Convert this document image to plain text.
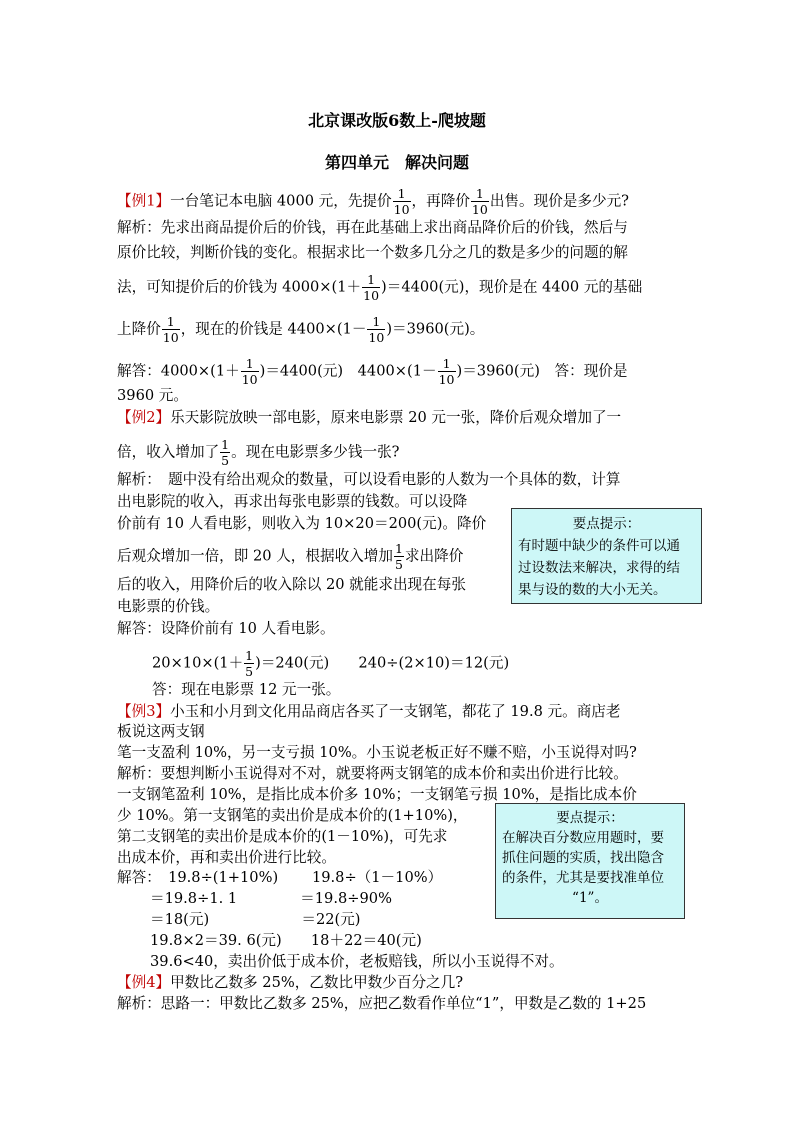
北京课改版6数上-爬坡题
第四单元　解决问题
【例1】一台笔记本电脑 4000 元，先提价 $\frac{1}{10}$ ，再降价 $\frac{1}{10}$ 出售。现价是多少元?
解析：先求出商品提价后的价钱，再在此基础上求出商品降价后的价钱，然后与
原价比较，判断价钱的变化。根据求比一个数多几分之几的数是多少的问题的解
法，可知提价后的价钱为 $4000\times(1+ \frac{1}{10} )=4400$(元)，现价是在 4400 元的基础
上降价 $\frac{1}{10}$ ，现在的价钱是 $4400\times(1- \frac{1}{10} )=3960$(元)。
解答：$4000\times(1+ \frac{1}{10} )=4400$(元)　$4400\times(1- \frac{1}{10} )=3960$(元)　答：现价是
3960 元。
【例2】乐天影院放映一部电影，原来电影票 20 元一张，降价后观众增加了一
倍，收入增加了 $\frac{1}{5}$ 。现在电影票多少钱一张?
解析：　题中没有给出观众的数量，可以设看电影的人数为一个具体的数，计算
出电影院的收入，再求出每张电影票的钱数。可以设降
价前有 10 人看电影，则收入为 10×20＝200(元)。降价
后观众增加一倍，即 20 人，根据收入增加 $\frac{1}{5}$ 求出降价
后的收入，用降价后的收入除以 20 就能求出现在每张
电影票的价钱。
解答：设降价前有 10 人看电影。
$20\times 10\times(1+ \frac{1}{5} )=240$(元)　　240÷(2×10)＝12(元)
答：现在电影票 12 元一张。
要点提示：
有时题中缺少的条件可以通
过设数法来解决，求得的结
果与设的数的大小无关。
【例3】小玉和小月到文化用品商店各买了一支钢笔，都花了 19.8 元。商店老
板说这两支钢
笔一支盈利 10%，另一支亏损 10%。小玉说老板正好不赚不赔，小玉说得对吗?
解析：要想判断小玉说得对不对，就要将两支钢笔的成本价和卖出价进行比较。
一支钢笔盈利 10%，是指比成本价多 10%；一支钢笔亏损 10%，是指比成本价
少 10%。第一支钢笔的卖出价是成本价的(1+10%)，
第二支钢笔的卖出价是成本价的(1－10%)，可先求
出成本价，再和卖出价进行比较。
解答：　19.8÷(1+10%)　　 19.8÷（1－10%）
＝19.8÷1. 1　　　　 ＝19.8÷90%
＝18(元)　　　　　　 ＝22(元)
19.8×2＝39. 6(元)　　18＋22＝40(元)
39.6<40，卖出价低于成本价，老板赔钱，所以小玉说得不对。
要点提示：
在解决百分数应用题时，要
抓住问题的实质，找出隐含
的条件，尤其是要找准单位
“1”。
【例4】甲数比乙数多 25%，乙数比甲数少百分之几?
解析：思路一：甲数比乙数多 25%，应把乙数看作单位“1”，甲数是乙数的 1+25
